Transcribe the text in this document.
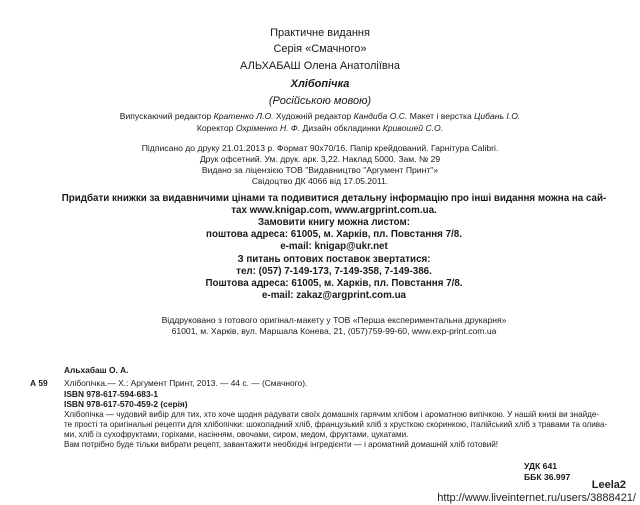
Практичне видання
Серія «Смачного»
АЛЬХАБАШ Олена Анатоліївна
Хлібопічка
(Російською мовою)
Випускаючий редактор Кратенко Л.О. Художній редактор Кандиба О.С. Макет і верстка Цибань І.О.
Коректор Охріменко Н. Ф. Дизайн обкладинки Кривошей С.О.
Підписано до друку 21.01.2013 р. Формат 90х70/16. Папір крейдований. Гарнітура Calibri.
Друк офсетний. Ум. друк. арк. 3,22. Наклад 5000. Зам. № 29
Видано за ліцензією ТОВ "Видавництво "Аргумент Принт"»
Свідоцтво ДК 4066 від 17.05.2011.
Придбати книжки за видавничими цінами та подивитися детальну інформацію про інші видання можна на сай-
тах www.knigap.com, www.argprint.com.ua.
Замовити книгу можна листом:
поштова адреса: 61005, м. Харків, пл. Повстання 7/8.
e-mail: knigap@ukr.net
З питань оптових поставок звертатися:
тел: (057) 7-149-173, 7-149-358, 7-149-386.
Поштова адреса: 61005, м. Харків, пл. Повстання 7/8.
e-mail: zakaz@argprint.com.ua
Віддруковано з готового оригінал-макету у ТОВ «Перша експериментальна друкарня»
61001, м. Харків, вул. Маршала Конева, 21, (057)759-99-60, www.exp-print.com.ua
Альхабаш О. А.
А 59 Хлібопічка.— Х.: Аргумент Принт, 2013. — 44 с. — (Смачного).
ISBN 978-617-594-683-1
ISBN 978-617-570-459-2 (серія)
Хлібопічка — чудовий вибір для тих, хто хоче щодня радувати своїх домашніх гарячим хлібом і ароматною випічкою. У нашій книзі ви знайде-
те прості та оригінальні рецепти для хлібопічки: шоколадний хліб, французький хліб з хрусткою скоринкою, італійський хліб з травами та олива-
ми, хліб із сухофруктами, горіхами, насінням, овочами, сиром, медом, фруктами, цукатами.
Вам потрібно буде тільки вибрати рецепт, завантажити необхідні інгредієнти — і ароматний домашній хліб готовий!
УДК 641
ББК 36.997
Leela2
http://www.liveinternet.ru/users/3888421/
